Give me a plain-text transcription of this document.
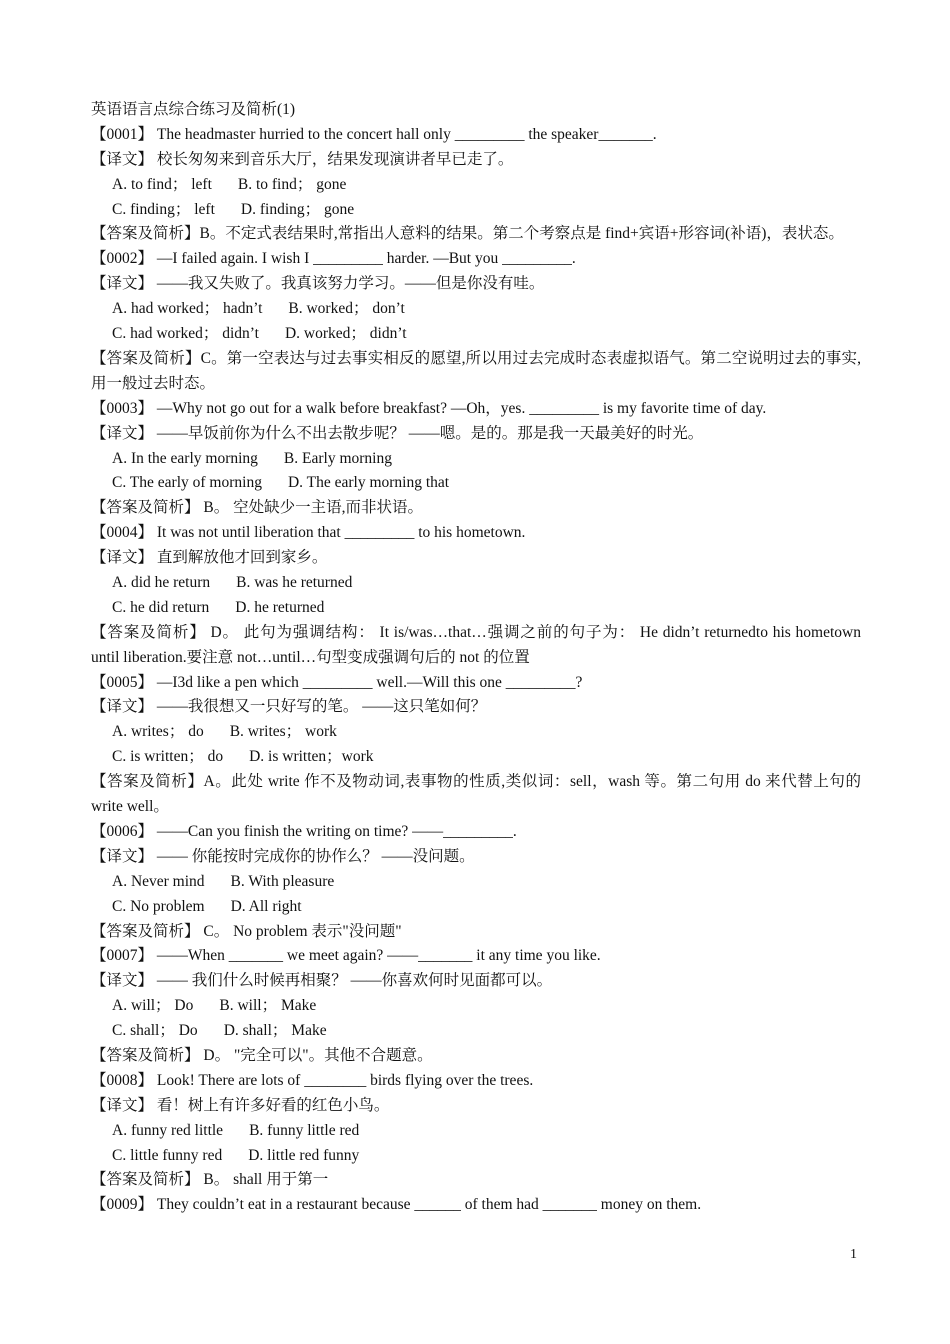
英语语言点综合练习及简析(1)
【0001】 The headmaster hurried to the concert hall only _________ the speaker_______.
【译文】 校长匆匆来到音乐大厅，结果发现演讲者早已走了。
A. to find； left B. to find； gone
C. finding； left D. finding； gone
【答案及简析】B。不定式表结果时,常指出人意料的结果。第二个考察点是 find+宾语+形容词(补语)，表状态。
【0002】 —I failed again. I wish I _________ harder. —But you _________.
【译文】 ——我又失败了。我真该努力学习。——但是你没有哇。
A. had worked； hadn’t B. worked； don’t
C. had worked； didn’t D. worked； didn’t
【答案及简析】C。第一空表达与过去事实相反的愿望,所以用过去完成时态表虚拟语气。第二空说明过去的事实,用一般过去时态。
【0003】 —Why not go out for a walk before breakfast? —Oh，yes. _________ is my favorite time of day.
【译文】 ——早饭前你为什么不出去散步呢？ ——嗯。是的。那是我一天最美好的时光。
A. In the early morning B. Early morning
C. The early of morning D. The early morning that
【答案及简析】 B。 空处缺少一主语,而非状语。
【0004】 It was not until liberation that _________ to his hometown.
【译文】 直到解放他才回到家乡。
A. did he return B. was he returned
C. he did return D. he returned
【答案及简析】 D。 此句为强调结构： It is/was…that…强调之前的句子为： He didn’t returnedto his hometown until liberation.要注意 not…until…句型变成强调句后的 not 的位置
【0005】 —I3d like a pen which _________ well.—Will this one _________?
【译文】 ——我很想又一只好写的笔。 ——这只笔如何？
A. writes； do B. writes； work
C. is written； do D. is written；work
【答案及简析】A。此处 write 作不及物动词,表事物的性质,类似词：sell，wash 等。第二句用 do 来代替上句的 write well。
【0006】 ――Can you finish the writing on time? ――_________.
【译文】 ―― 你能按时完成你的协作么？ ――没问题。
A. Never mind B. With pleasure
C. No problem D. All right
【答案及简析】 C。 No problem 表示"没问题"
【0007】 ――When _______ we meet again? ――_______ it any time you like.
【译文】 ―― 我们什么时候再相聚？ ――你喜欢何时见面都可以。
A. will； Do B. will； Make
C. shall； Do D. shall； Make
【答案及简析】 D。 "完全可以"。其他不合题意。
【0008】 Look! There are lots of ________ birds flying over the trees.
【译文】 看！树上有许多好看的红色小鸟。
A. funny red little B. funny little red
C. little funny red D. little red funny
【答案及简析】 B。 shall 用于第一
【0009】 They couldn’t eat in a restaurant because ______ of them had _______ money on them.
1
